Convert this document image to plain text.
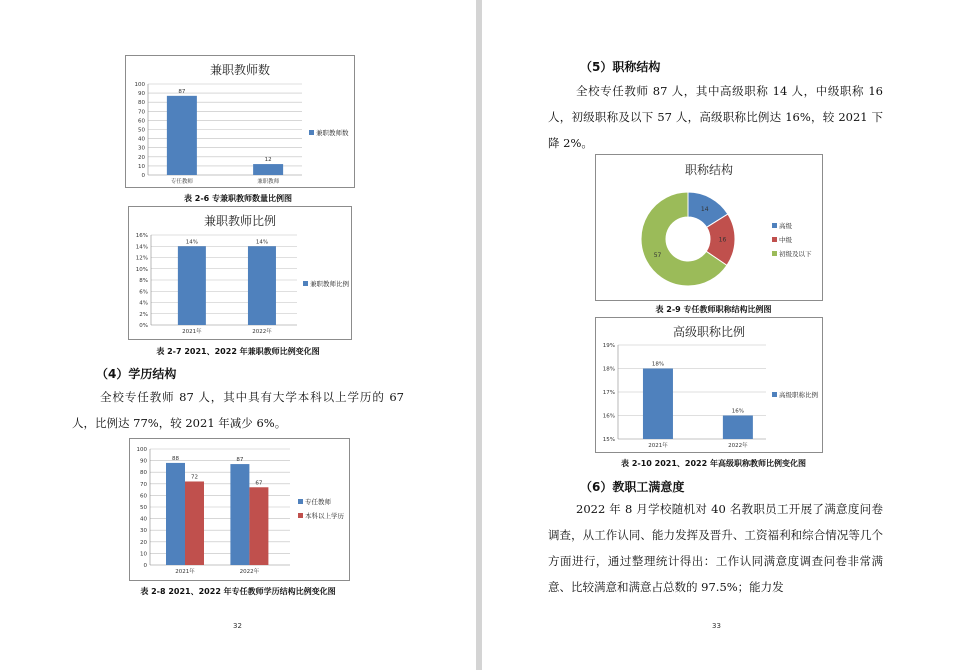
兼职教师数
0
10
20
30
40
50
60
70
80
90
100
87
专任教师
12
兼职教师
兼职教师数
表 2-6 专兼职教师数量比例图
兼职教师比例
0%
2%
4%
6%
8%
10%
12%
14%
16%
14%
2021年
14%
2022年
兼职教师比例
表 2-7 2021、2022 年兼职教师比例变化图
（4）学历结构
全校专任教师 87 人，其中具有大学本科以上学历的 67 人，比例达 77%，较 2021 年减少 6%。
0
10
20
30
40
50
60
70
80
90
100
88
72
2021年
87
67
2022年
专任教师
本科以上学历
表 2-8 2021、2022 年专任教师学历结构比例变化图
32
（5）职称结构
全校专任教师 87 人，其中高级职称 14 人，中级职称 16 人，初级职称及以下 57 人，高级职称比例达 16%，较 2021 下降 2%。
职称结构
14
16
57
高级
中级
初级及以下
表 2-9 专任教师职称结构比例图
高级职称比例
15%
16%
17%
18%
19%
18%
2021年
16%
2022年
高级职称比例
表 2-10 2021、2022 年高级职称教师比例变化图
（6）教职工满意度
2022 年 8 月学校随机对 40 名教职员工开展了满意度问卷调查，从工作认同、能力发挥及晋升、工资福利和综合情况等几个方面进行，通过整理统计得出：工作认同满意度调查问卷非常满意、比较满意和满意占总数的 97.5%；能力发
33
